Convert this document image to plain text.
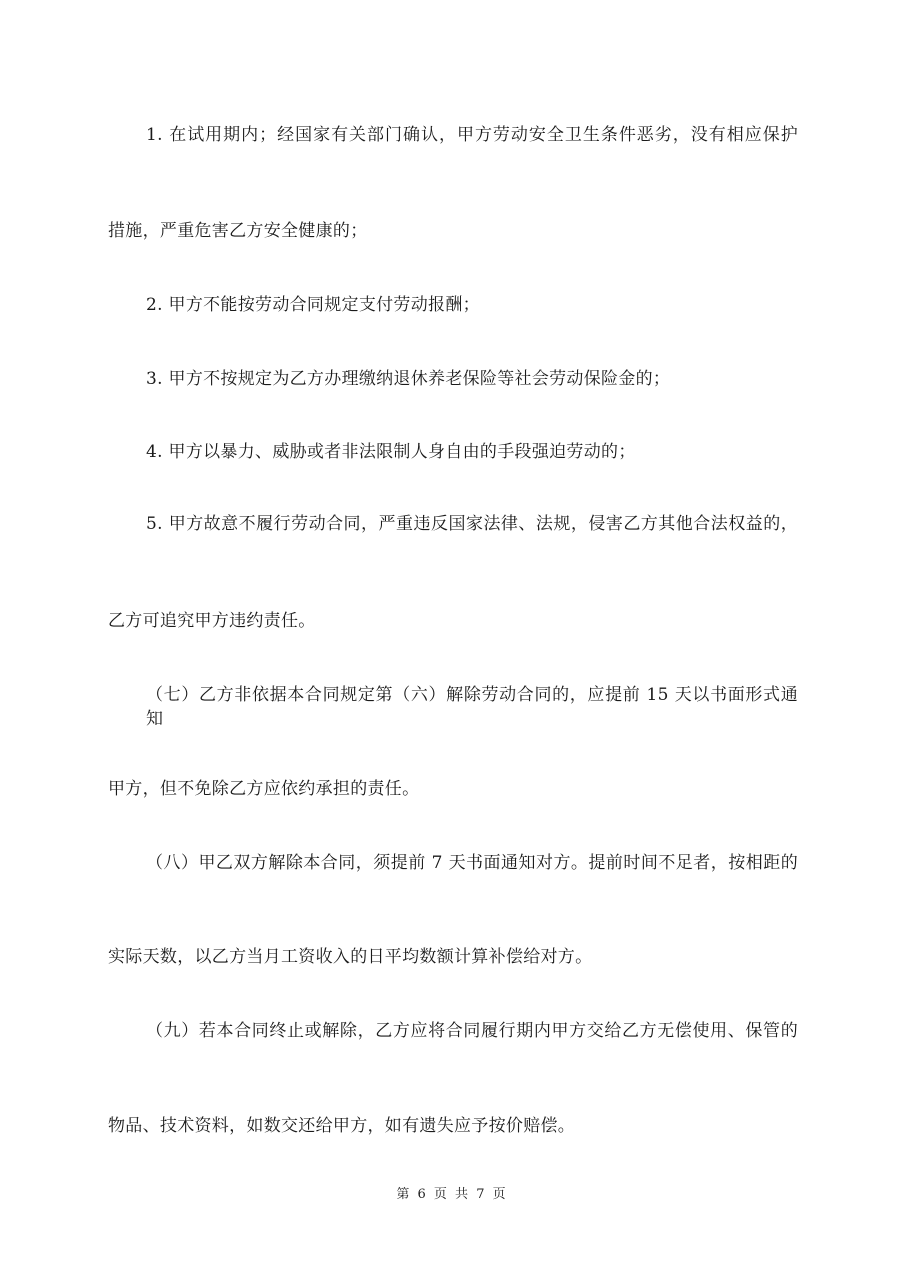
1. 在试用期内；经国家有关部门确认，甲方劳动安全卫生条件恶劣，没有相应保护
措施，严重危害乙方安全健康的；
2. 甲方不能按劳动合同规定支付劳动报酬；
3. 甲方不按规定为乙方办理缴纳退休养老保险等社会劳动保险金的；
4. 甲方以暴力、威胁或者非法限制人身自由的手段强迫劳动的；
5. 甲方故意不履行劳动合同，严重违反国家法律、法规，侵害乙方其他合法权益的，
乙方可追究甲方违约责任。
（七）乙方非依据本合同规定第（六）解除劳动合同的，应提前 15 天以书面形式通知
甲方，但不免除乙方应依约承担的责任。
（八）甲乙双方解除本合同，须提前 7 天书面通知对方。提前时间不足者，按相距的
实际天数，以乙方当月工资收入的日平均数额计算补偿给对方。
（九）若本合同终止或解除，乙方应将合同履行期内甲方交给乙方无偿使用、保管的
物品、技术资料，如数交还给甲方，如有遗失应予按价赔偿。
第 6 页 共 7 页
